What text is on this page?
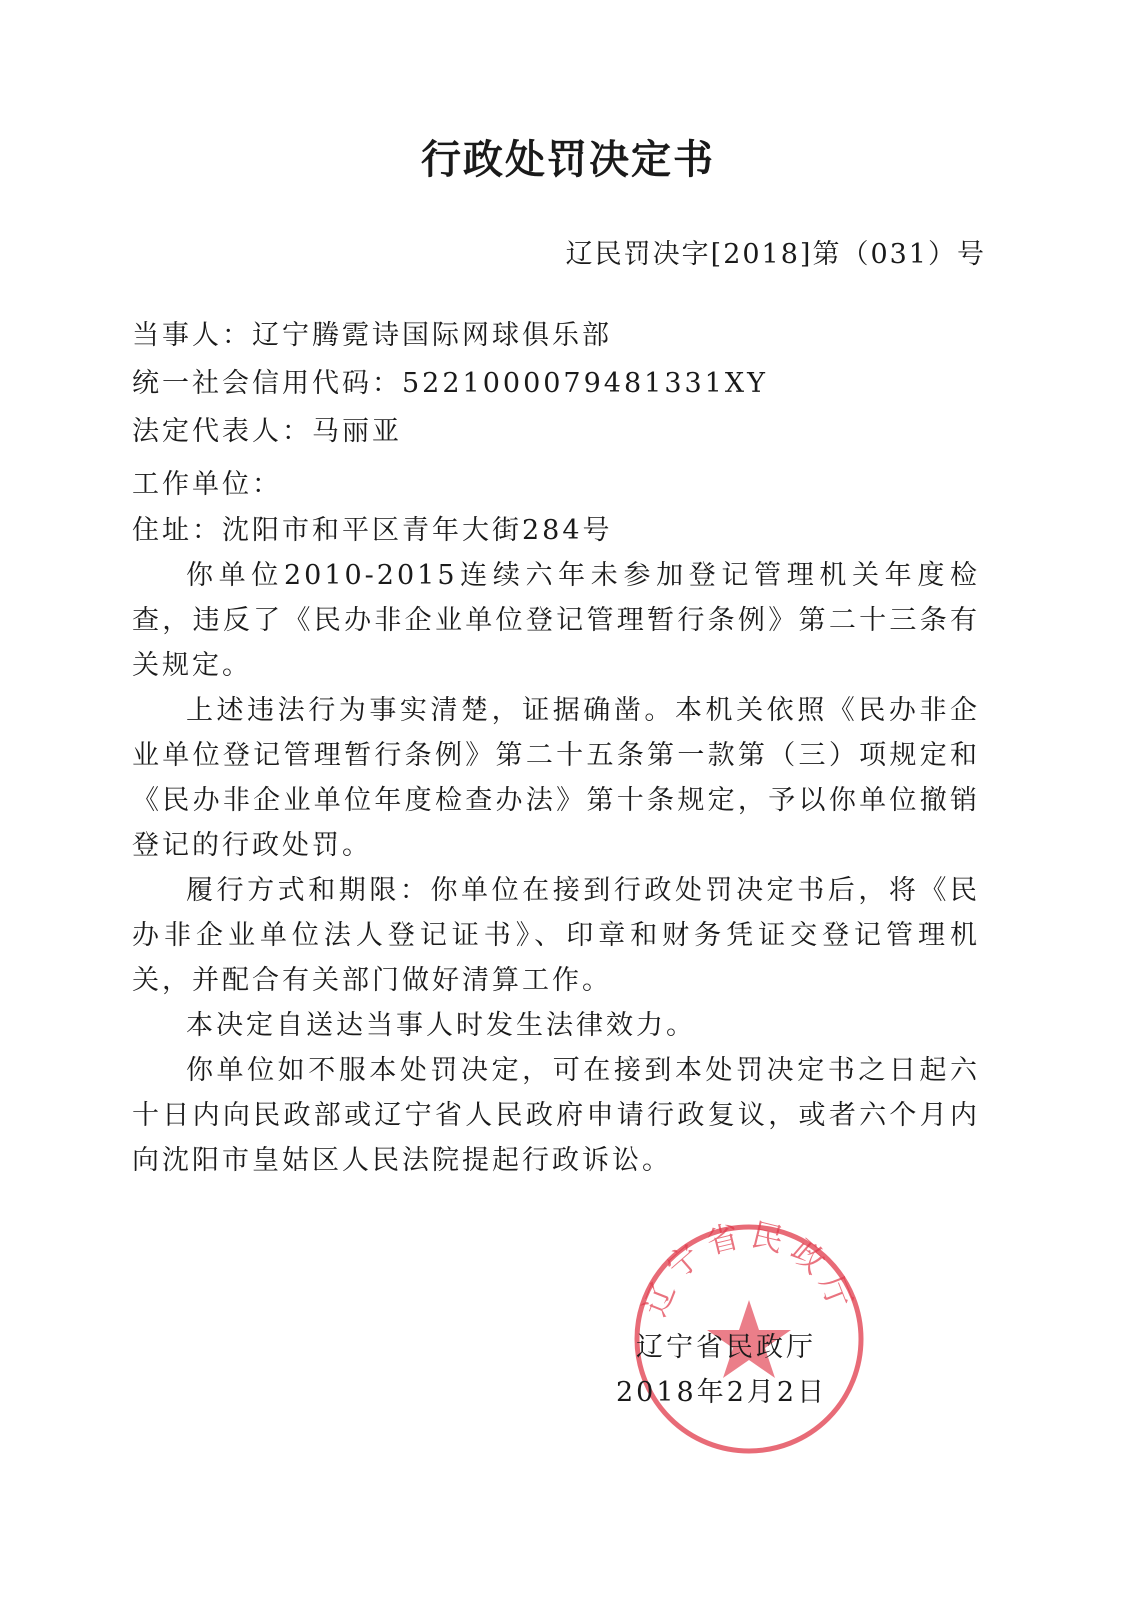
行政处罚决定书
辽民罚决字[2018]第（031）号
当事人：辽宁腾霓诗国际网球俱乐部
统一社会信用代码：5221000079481331XY
法定代表人：马丽亚
工作单位：
住址：沈阳市和平区青年大街284号

你单位2010-2015连续六年未参加登记管理机关年度检查，违反了《民办非企业单位登记管理暂行条例》第二十三条有关规定。

上述违法行为事实清楚，证据确凿。本机关依照《民办非企业单位登记管理暂行条例》第二十五条第一款第（三）项规定和《民办非企业单位年度检查办法》第十条规定，予以你单位撤销登记的行政处罚。

履行方式和期限：你单位在接到行政处罚决定书后，将《民办非企业单位法人登记证书》、印章和财务凭证交登记管理机关，并配合有关部门做好清算工作。

本决定自送达当事人时发生法律效力。

你单位如不服本处罚决定，可在接到本处罚决定书之日起六十日内向民政部或辽宁省人民政府申请行政复议，或者六个月内向沈阳市皇姑区人民法院提起行政诉讼。

辽宁省民政厅
辽宁省民政厅
2018年2月2日
